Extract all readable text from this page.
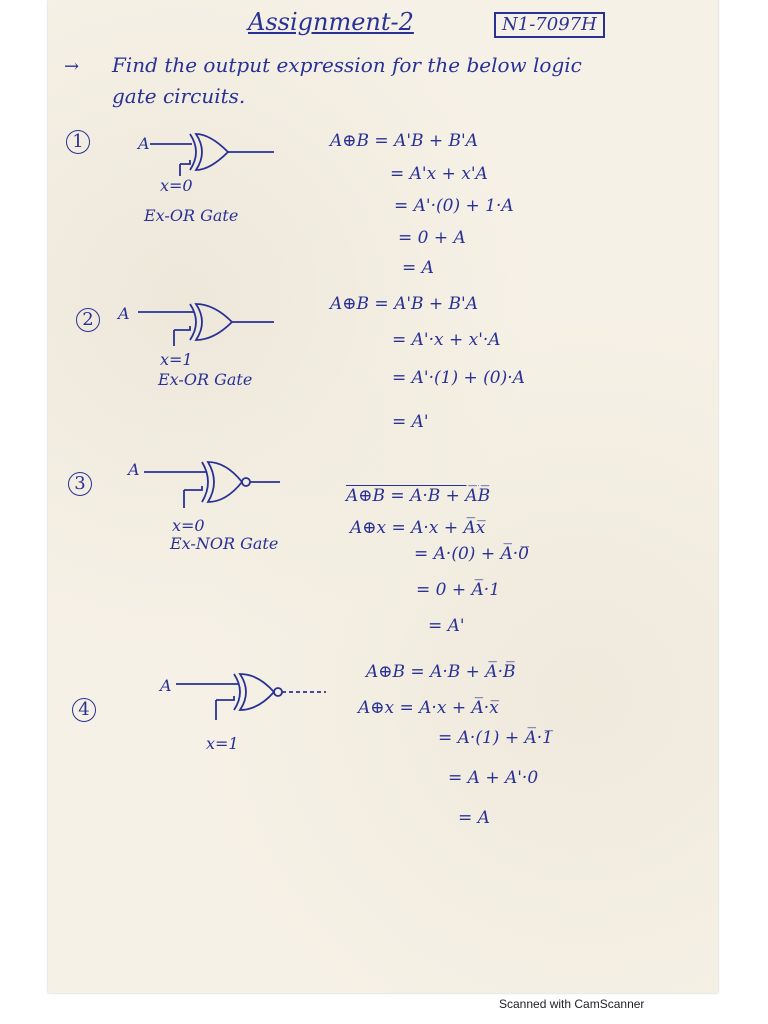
Assignment-2	N1-7097H
→ Find the output expression for the below logic
gate circuits.
1	A
x=0
Ex-OR Gate
A⊕B = A'B + B'A
= A'x + x'A
= A'·(0) + 1·A
= 0 + A
= A
2	A
x=1
Ex-OR Gate
A⊕B = A'B + B'A
= A'·x + x'·A
= A'·(1) + (0)·A
= A'
3
A
x=0
Ex-NOR Gate
A⊕B = A·B + A̅B̅
A⊕x = A·x + A̅x̅
= A·(0) + A̅·0̅
= 0 + A̅·1
= A'
4
A
x=1
A⊕B = A·B + A̅·B̅
A⊕x = A·x + A̅·x̅
= A·(1) + A̅·1̅
= A + A'·0
= A
Scanned with CamScanner
